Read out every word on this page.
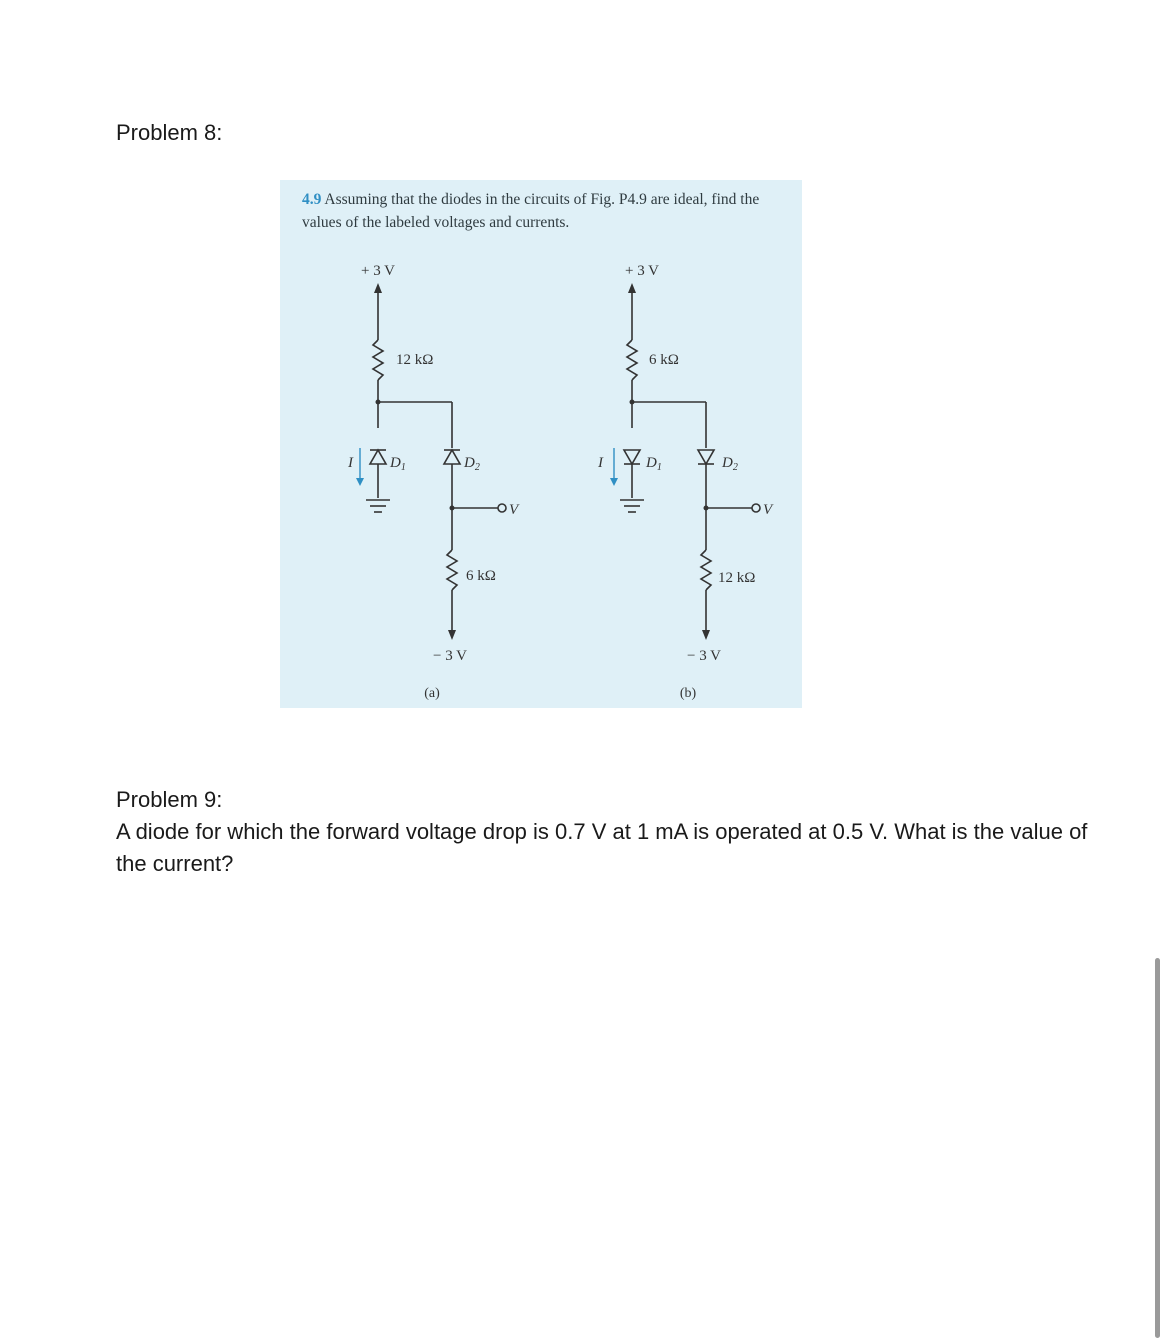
Problem 8:
4.9 Assuming that the diodes in the circuits of Fig. P4.9 are ideal, find the values of the labeled voltages and currents.
+ 3 V
12 kΩ
I $D_1$	$D_2$
V
6 kΩ
− 3 V
(a)
+ 3 V
6 kΩ
I	$D_1$	$D_2$
V
12 kΩ
− 3 V
(b)
Problem 9:
A diode for which the forward voltage drop is 0.7 V at 1 mA is operated at 0.5 V. What is the value of the current?
